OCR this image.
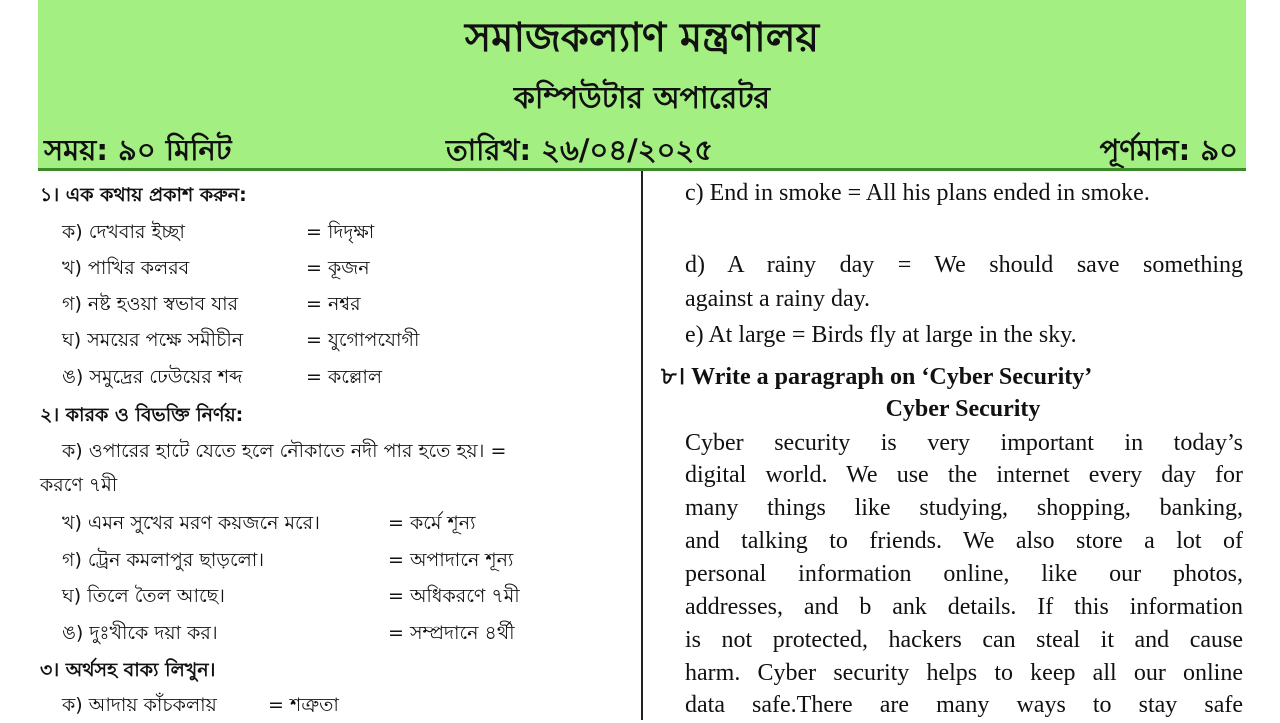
সমাজকল্যাণ মন্ত্রণালয়
কম্পিউটার অপারেটর
সময়: ৯০ মিনিট	তারিখ: ২৬/০৪/২০২৫	পূর্ণমান: ৯০
১। এক কথায় প্রকাশ করুন:
ক) দেখবার ইচ্ছা	= দিদৃক্ষা
খ) পাখির কলরব	= কূজন
গ) নষ্ট হওয়া স্বভাব যার	= নশ্বর
ঘ) সময়ের পক্ষে সমীচীন	= যুগোপযোগী
ঙ) সমুদ্রের ঢেউয়ের শব্দ	= কল্লোল
২। কারক ও বিভক্তি নির্ণয়:
ক) ওপারের হাটে যেতে হলে নৌকাতে নদী পার হতে হয়। =
করণে ৭মী
খ) এমন সুখের মরণ কয়জনে মরে।	= কর্মে শূন্য
গ) ট্রেন কমলাপুর ছাড়লো।	= অপাদানে শূন্য
ঘ) তিলে তৈল আছে।	= অধিকরণে ৭মী
ঙ) দুঃখীকে দয়া কর।	= সম্প্রদানে ৪র্থী
৩। অর্থসহ বাক্য লিখুন।
ক) আদায় কাঁচকলায়	= শত্রুতা
c) End in smoke = All his plans ended in smoke.
d) A rainy day = We should save something
against a rainy day.
e) At large = Birds fly at large in the sky.
৮। Write a paragraph on ‘Cyber Security’
Cyber Security
Cyber security is very important in today’s
digital world. We use the internet every day for
many things like studying, shopping, banking,
and talking to friends. We also store a lot of
personal information online, like our photos,
addresses, and b ank details. If this information
is not protected, hackers can steal it and cause
harm. Cyber security helps to keep all our online
data safe.There are many ways to stay safe
